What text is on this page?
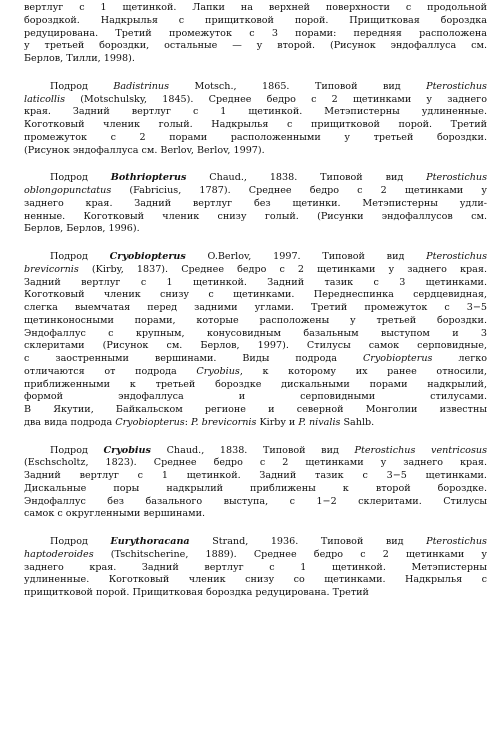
вертлуг с 1 щетинкой. Лапки на верхней поверхности с продольной
бороздкой. Надкрылья с прищитковой порой. Прищитковая бороздка
редуцирована. Третий промежуток с 3 порами: передняя расположена
у третьей бороздки, остальные — у второй. (Рисунок эндофаллуса см.
Берлов, Тилли, 1998).
Подрод Badistrinus Motsch., 1865. Типовой вид Pterostichus
laticollis (Motschulsky, 1845). Среднее бедро с 2 щетинками у заднего
края. Задний вертлуг с 1 щетинкой. Метэпистерны удлиненные.
Коготковый членик голый. Надкрылья с прищитковой порой. Третий
промежуток с 2 порами расположенными у третьей бороздки.
(Рисунок эндофаллуса см. Berlov, Berlov, 1997).
Подрод Bothriopterus Chaud., 1838. Типовой вид Pterostichus
oblongopunctatus (Fabricius, 1787). Среднее бедро с 2 щетинками у
заднего края. Задний вертлуг без щетинки. Метэпистерны удли-
ненные. Коготковый членик снизу голый. (Рисунки эндофаллусов см.
Берлов, Берлов, 1996).
Подрод Cryobiopterus O.Berlov, 1997. Типовой вид Pterostichus
brevicornis (Kirby, 1837). Среднее бедро с 2 щетинками у заднего края.
Задний вертлуг с 1 щетинкой. Задний тазик с 3 щетинками.
Коготковый членик снизу с щетинками. Переднеспинка сердцевидная,
слегка выемчатая перед задними углами. Третий промежуток с 3−5
щетинконосными порами, которые расположены у третьей бороздки.
Эндофаллус с крупным, конусовидным базальным выступом и 3
склеритами (Рисунок см. Берлов, 1997). Стилусы самок серповидные,
с заостренными вершинами. Виды подрода Cryobiopterus легко
отличаются от подрода Cryobius, к которому их ранее относили,
приближенными к третьей бороздке дискальными порами надкрылий,
формой эндофаллуса и серповидными стилусами.
В Якутии, Байкальском регионе и северной Монголии известны
два вида подрода Cryobiopterus: P. brevicornis Kirby и P. nivalis Sahlb.
Подрод Cryobius Chaud., 1838. Типовой вид Pterostichus ventricosus
(Eschscholtz, 1823). Среднее бедро с 2 щетинками у заднего края.
Задний вертлуг с 1 щетинкой. Задний тазик с 3−5 щетинками.
Дискальные поры надкрылий приближены к второй бороздке.
Эндофаллус без базального выступа, с 1−2 склеритами. Стилусы
самок с округленными вершинами.
Подрод Eurythoracana Strand, 1936. Типовой вид Pterostichus
haptoderoides (Tschitscherine, 1889). Среднее бедро с 2 щетинками у
заднего края. Задний вертлуг с 1 щетинкой. Метэпистерны
удлиненные. Коготковый членик снизу со щетинками. Надкрылья с
прищитковой порой. Прищитковая бороздка редуцирована. Третий
